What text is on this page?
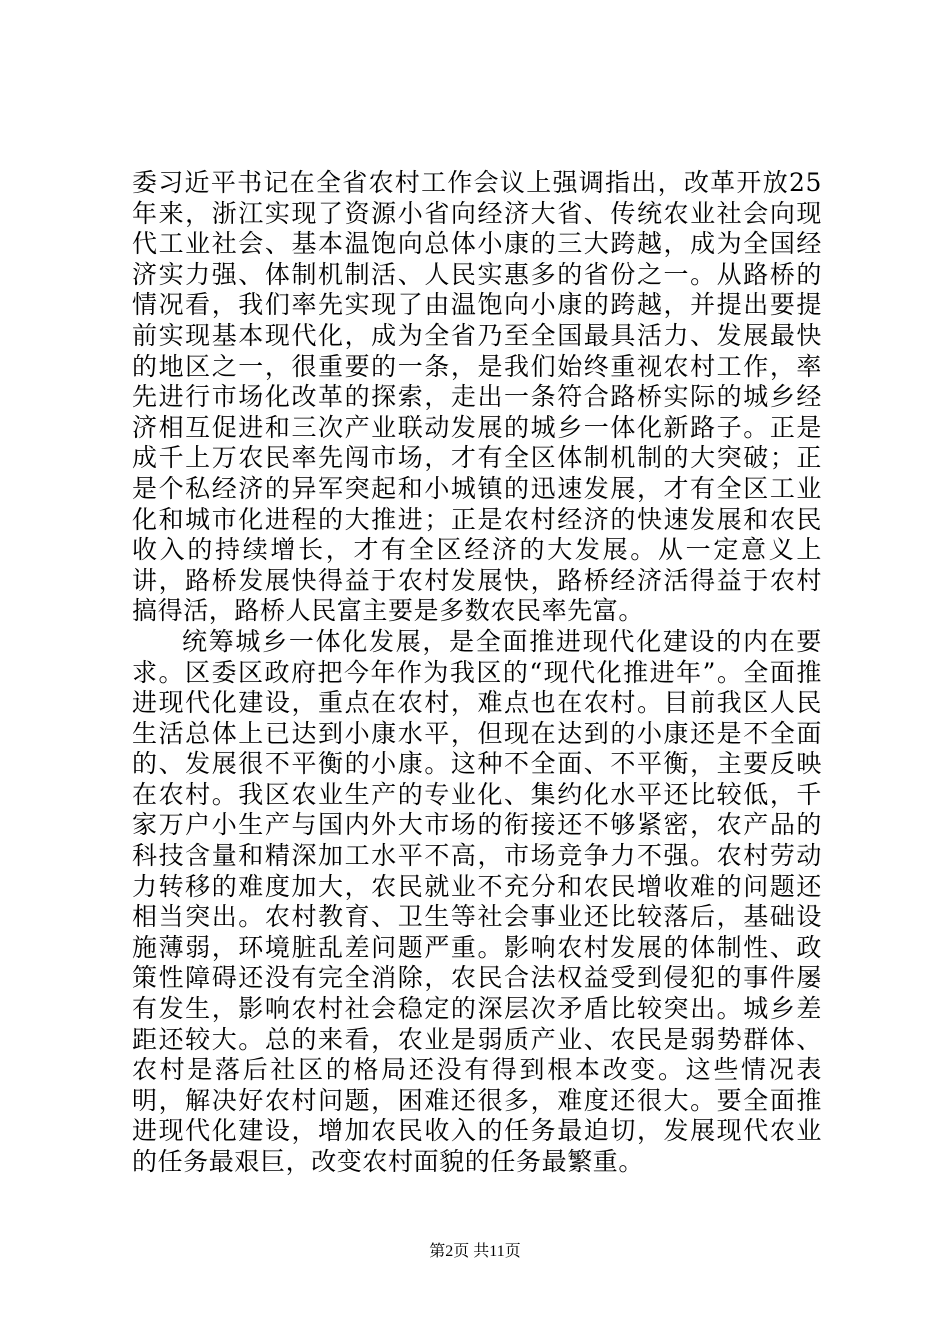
委习近平书记在全省农村工作会议上强调指出，改革开放25年来，浙江实现了资源小省向经济大省、传统农业社会向现代工业社会、基本温饱向总体小康的三大跨越，成为全国经济实力强、体制机制活、人民实惠多的省份之一。从路桥的情况看，我们率先实现了由温饱向小康的跨越，并提出要提前实现基本现代化，成为全省乃至全国最具活力、发展最快的地区之一，很重要的一条，是我们始终重视农村工作，率先进行市场化改革的探索，走出一条符合路桥实际的城乡经济相互促进和三次产业联动发展的城乡一体化新路子。正是成千上万农民率先闯市场，才有全区体制机制的大突破；正是个私经济的异军突起和小城镇的迅速发展，才有全区工业化和城市化进程的大推进；正是农村经济的快速发展和农民收入的持续增长，才有全区经济的大发展。从一定意义上讲，路桥发展快得益于农村发展快，路桥经济活得益于农村搞得活，路桥人民富主要是多数农民率先富。

统筹城乡一体化发展，是全面推进现代化建设的内在要求。区委区政府把今年作为我区的“现代化推进年”。全面推进现代化建设，重点在农村，难点也在农村。目前我区人民生活总体上已达到小康水平，但现在达到的小康还是不全面的、发展很不平衡的小康。这种不全面、不平衡，主要反映在农村。我区农业生产的专业化、集约化水平还比较低，千家万户小生产与国内外大市场的衔接还不够紧密，农产品的科技含量和精深加工水平不高，市场竞争力不强。农村劳动力转移的难度加大，农民就业不充分和农民增收难的问题还相当突出。农村教育、卫生等社会事业还比较落后，基础设施薄弱，环境脏乱差问题严重。影响农村发展的体制性、政策性障碍还没有完全消除，农民合法权益受到侵犯的事件屡有发生，影响农村社会稳定的深层次矛盾比较突出。城乡差距还较大。总的来看，农业是弱质产业、农民是弱势群体、农村是落后社区的格局还没有得到根本改变。这些情况表明，解决好农村问题，困难还很多，难度还很大。要全面推进现代化建设，增加农民收入的任务最迫切，发展现代农业的任务最艰巨，改变农村面貌的任务最繁重。

第2页 共11页
